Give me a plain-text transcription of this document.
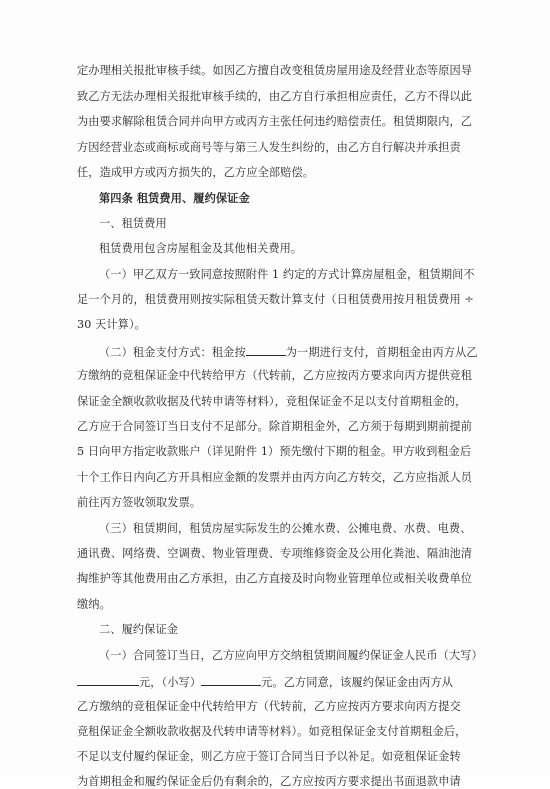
定办理相关报批审核手续。如因乙方擅自改变租赁房屋用途及经营业态等原因导
致乙方无法办理相关报批审核手续的，由乙方自行承担相应责任，乙方不得以此
为由要求解除租赁合同并向甲方或丙方主张任何违约赔偿责任。租赁期限内，乙
方因经营业态或商标或商号等与第三人发生纠纷的，由乙方自行解决并承担责
任，造成甲方或丙方损失的，乙方应全部赔偿。
第四条 租赁费用、履约保证金
一、租赁费用
租赁费用包含房屋租金及其他相关费用。
（一）甲乙双方一致同意按照附件 1 约定的方式计算房屋租金，租赁期间不
足一个月的，租赁费用则按实际租赁天数计算支付（日租赁费用按月租赁费用 ÷
30 天计算）。
（二）租金支付方式：租金按	为一期进行支付，首期租金由丙方从乙
方缴纳的竞租保证金中代转给甲方（代转前，乙方应按丙方要求向丙方提供竞租
保证金全额收款收据及代转申请等材料），竞租保证金不足以支付首期租金的，
乙方应于合同签订当日支付不足部分。除首期租金外，乙方须于每期到期前提前
5 日向甲方指定收款账户（详见附件 1）预先缴付下期的租金。甲方收到租金后
十个工作日内向乙方开具相应金额的发票并由丙方向乙方转交，乙方应指派人员
前往丙方签收领取发票。
（三）租赁期间，租赁房屋实际发生的公摊水费、公摊电费、水费、电费、
通讯费、网络费、空调费、物业管理费、专项维修资金及公用化粪池、隔油池清
掏维护等其他费用由乙方承担，由乙方直接及时向物业管理单位或相关收费单位
缴纳。
二、履约保证金
（一）合同签订当日，乙方应向甲方交纳租赁期间履约保证金人民币（大写）
元，（小写）	元。乙方同意，该履约保证金由丙方从
乙方缴纳的竞租保证金中代转给甲方（代转前，乙方应按丙方要求向丙方提交
竞租保证金全额收款收据及代转申请等材料）。如竞租保证金支付首期租金后，
不足以支付履约保证金，则乙方应于签订合同当日予以补足。如竞租保证金转
为首期租金和履约保证金后仍有剩余的，乙方应按丙方要求提出书面退款申请
